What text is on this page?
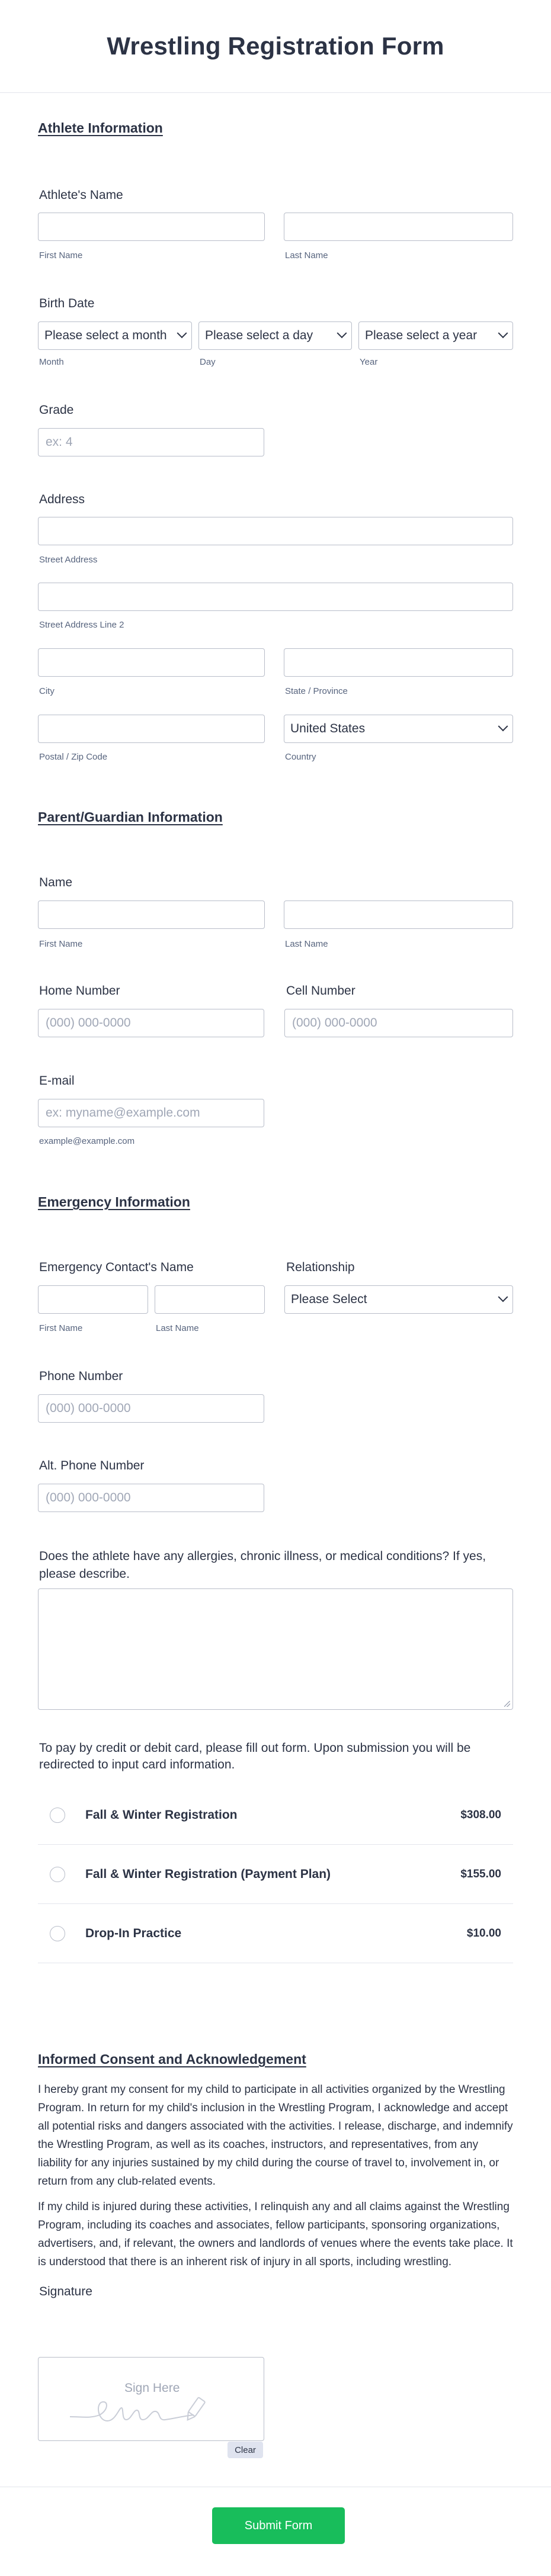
Wrestling Registration Form
Athlete Information
Athlete's Name
First Name	Last Name
Birth Date
Please select a month	Please select a day	Please select a year
Month	Day	Year
Grade
ex: 4
Address
Street Address
Street Address Line 2
City	State / Province
United States
Postal / Zip Code	Country
Parent/Guardian Information
Name
First Name	Last Name
Home Number	Cell Number
(000) 000-0000
(000) 000-0000
E-mail
ex: myname@example.com
example@example.com
Emergency Information
Emergency Contact's Name	Relationship
Please Select
First Name	Last Name
Phone Number
(000) 000-0000
Alt. Phone Number
(000) 000-0000
Does the athlete have any allergies, chronic illness, or medical conditions? If yes, please describe.
To pay by credit or debit card, please fill out form. Upon submission you will be redirected to input card information.
Fall & Winter Registration	$308.00
Fall & Winter Registration (Payment Plan)	$155.00
Drop-In Practice	$10.00
Informed Consent and Acknowledgement
I hereby grant my consent for my child to participate in all activities organized by the Wrestling Program. In return for my child's inclusion in the Wrestling Program, I acknowledge and accept all potential risks and dangers associated with the activities. I release, discharge, and indemnify the Wrestling Program, as well as its coaches, instructors, and representatives, from any liability for any injuries sustained by my child during the course of travel to, involvement in, or return from any club-related events.
If my child is injured during these activities, I relinquish any and all claims against the Wrestling Program, including its coaches and associates, fellow participants, sponsoring organizations, advertisers, and, if relevant, the owners and landlords of venues where the events take place. It is understood that there is an inherent risk of injury in all sports, including wrestling.
Signature
Sign Here
Clear
Submit Form
